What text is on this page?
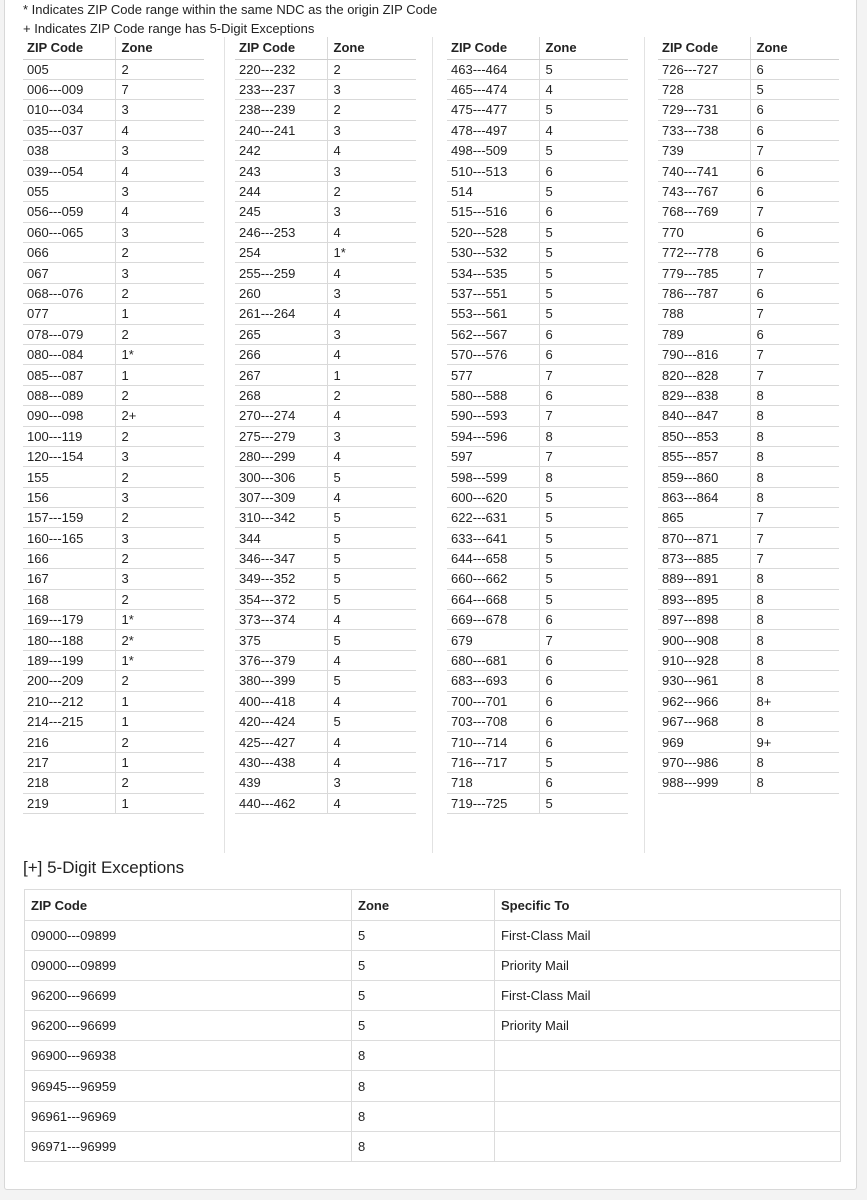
* Indicates ZIP Code range within the same NDC as the origin ZIP Code
+ Indicates ZIP Code range has 5-Digit Exceptions
ZIP Code	Zone
005	2
006---009	7
010---034	3
035---037	4
038	3
039---054	4
055	3
056---059	4
060---065	3
066	2
067	3
068---076	2
077	1
078---079	2
080---084	1*
085---087	1
088---089	2
090---098	2+
100---119	2
120---154	3
155	2
156	3
157---159	2
160---165	3
166	2
167	3
168	2
169---179	1*
180---188	2*
189---199	1*
200---209	2
210---212	1
214---215	1
216	2
217	1
218	2
219	1
ZIP Code	Zone
220---232	2
233---237	3
238---239	2
240---241	3
242	4
243	3
244	2
245	3
246---253	4
254	1*
255---259	4
260	3
261---264	4
265	3
266	4
267	1
268	2
270---274	4
275---279	3
280---299	4
300---306	5
307---309	4
310---342	5
344	5
346---347	5
349---352	5
354---372	5
373---374	4
375	5
376---379	4
380---399	5
400---418	4
420---424	5
425---427	4
430---438	4
439	3
440---462	4
ZIP Code	Zone
463---464	5
465---474	4
475---477	5
478---497	4
498---509	5
510---513	6
514	5
515---516	6
520---528	5
530---532	5
534---535	5
537---551	5
553---561	5
562---567	6
570---576	6
577	7
580---588	6
590---593	7
594---596	8
597	7
598---599	8
600---620	5
622---631	5
633---641	5
644---658	5
660---662	5
664---668	5
669---678	6
679	7
680---681	6
683---693	6
700---701	6
703---708	6
710---714	6
716---717	5
718	6
719---725	5
ZIP Code	Zone
726---727	6
728	5
729---731	6
733---738	6
739	7
740---741	6
743---767	6
768---769	7
770	6
772---778	6
779---785	7
786---787	6
788	7
789	6
790---816	7
820---828	7
829---838	8
840---847	8
850---853	8
855---857	8
859---860	8
863---864	8
865	7
870---871	7
873---885	7
889---891	8
893---895	8
897---898	8
900---908	8
910---928	8
930---961	8
962---966	8+
967---968	8
969	9+
970---986	8
988---999	8
[+] 5-Digit Exceptions
ZIP Code	Zone	Specific To
09000---09899	5	First-Class Mail
09000---09899	5	Priority Mail
96200---96699	5	First-Class Mail
96200---96699	5	Priority Mail
96900---96938	8	
96945---96959	8	
96961---96969	8	
96971---96999	8	
